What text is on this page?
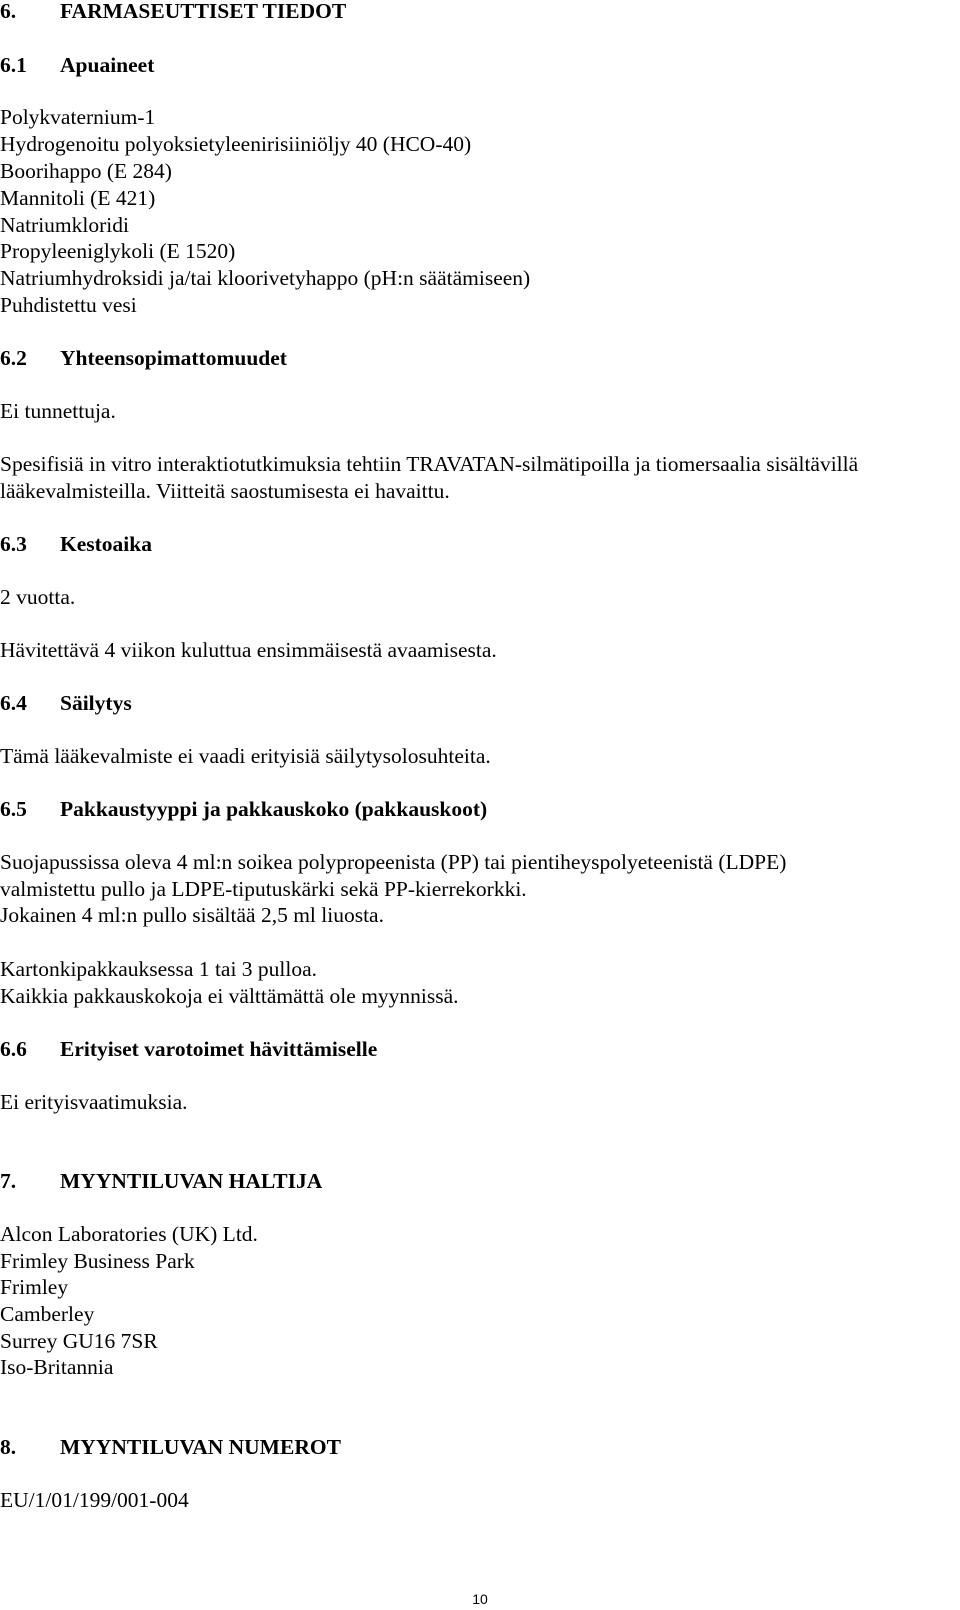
6. FARMASEUTTISET TIEDOT

6.1 Apuaineet

Polykvaternium-1

Hydrogenoitu polyoksietyleenirisiiniöljy 40 (HCO-40)

Boorihappo (E 284)

Mannitoli (E 421)

Natriumkloridi

Propyleeniglykoli (E 1520)

Natriumhydroksidi ja/tai kloorivetyhappo (pH:n säätämiseen)

Puhdistettu vesi

6.2 Yhteensopimattomuudet

Ei tunnettuja.

Spesifisiä in vitro interaktiotutkimuksia tehtiin TRAVATAN-silmätipoilla ja tiomersaalia sisältävillä

lääkevalmisteilla. Viitteitä saostumisesta ei havaittu.

6.3 Kestoaika

2 vuotta.

Hävitettävä 4 viikon kuluttua ensimmäisestä avaamisesta.

6.4 Säilytys

Tämä lääkevalmiste ei vaadi erityisiä säilytysolosuhteita.

6.5 Pakkaustyyppi ja pakkauskoko (pakkauskoot)

Suojapussissa oleva 4 ml:n soikea polypropeenista (PP) tai pientiheyspolyeteenistä (LDPE)

valmistettu pullo ja LDPE-tiputuskärki sekä PP-kierrekorkki.

Jokainen 4 ml:n pullo sisältää 2,5 ml liuosta.

Kartonkipakkauksessa 1 tai 3 pulloa.

Kaikkia pakkauskokoja ei välttämättä ole myynnissä.

6.6 Erityiset varotoimet hävittämiselle

Ei erityisvaatimuksia.

7. MYYNTILUVAN HALTIJA

Alcon Laboratories (UK) Ltd.

Frimley Business Park

Frimley

Camberley

Surrey GU16 7SR

Iso-Britannia

8. MYYNTILUVAN NUMEROT

EU/1/01/199/001-004

10
